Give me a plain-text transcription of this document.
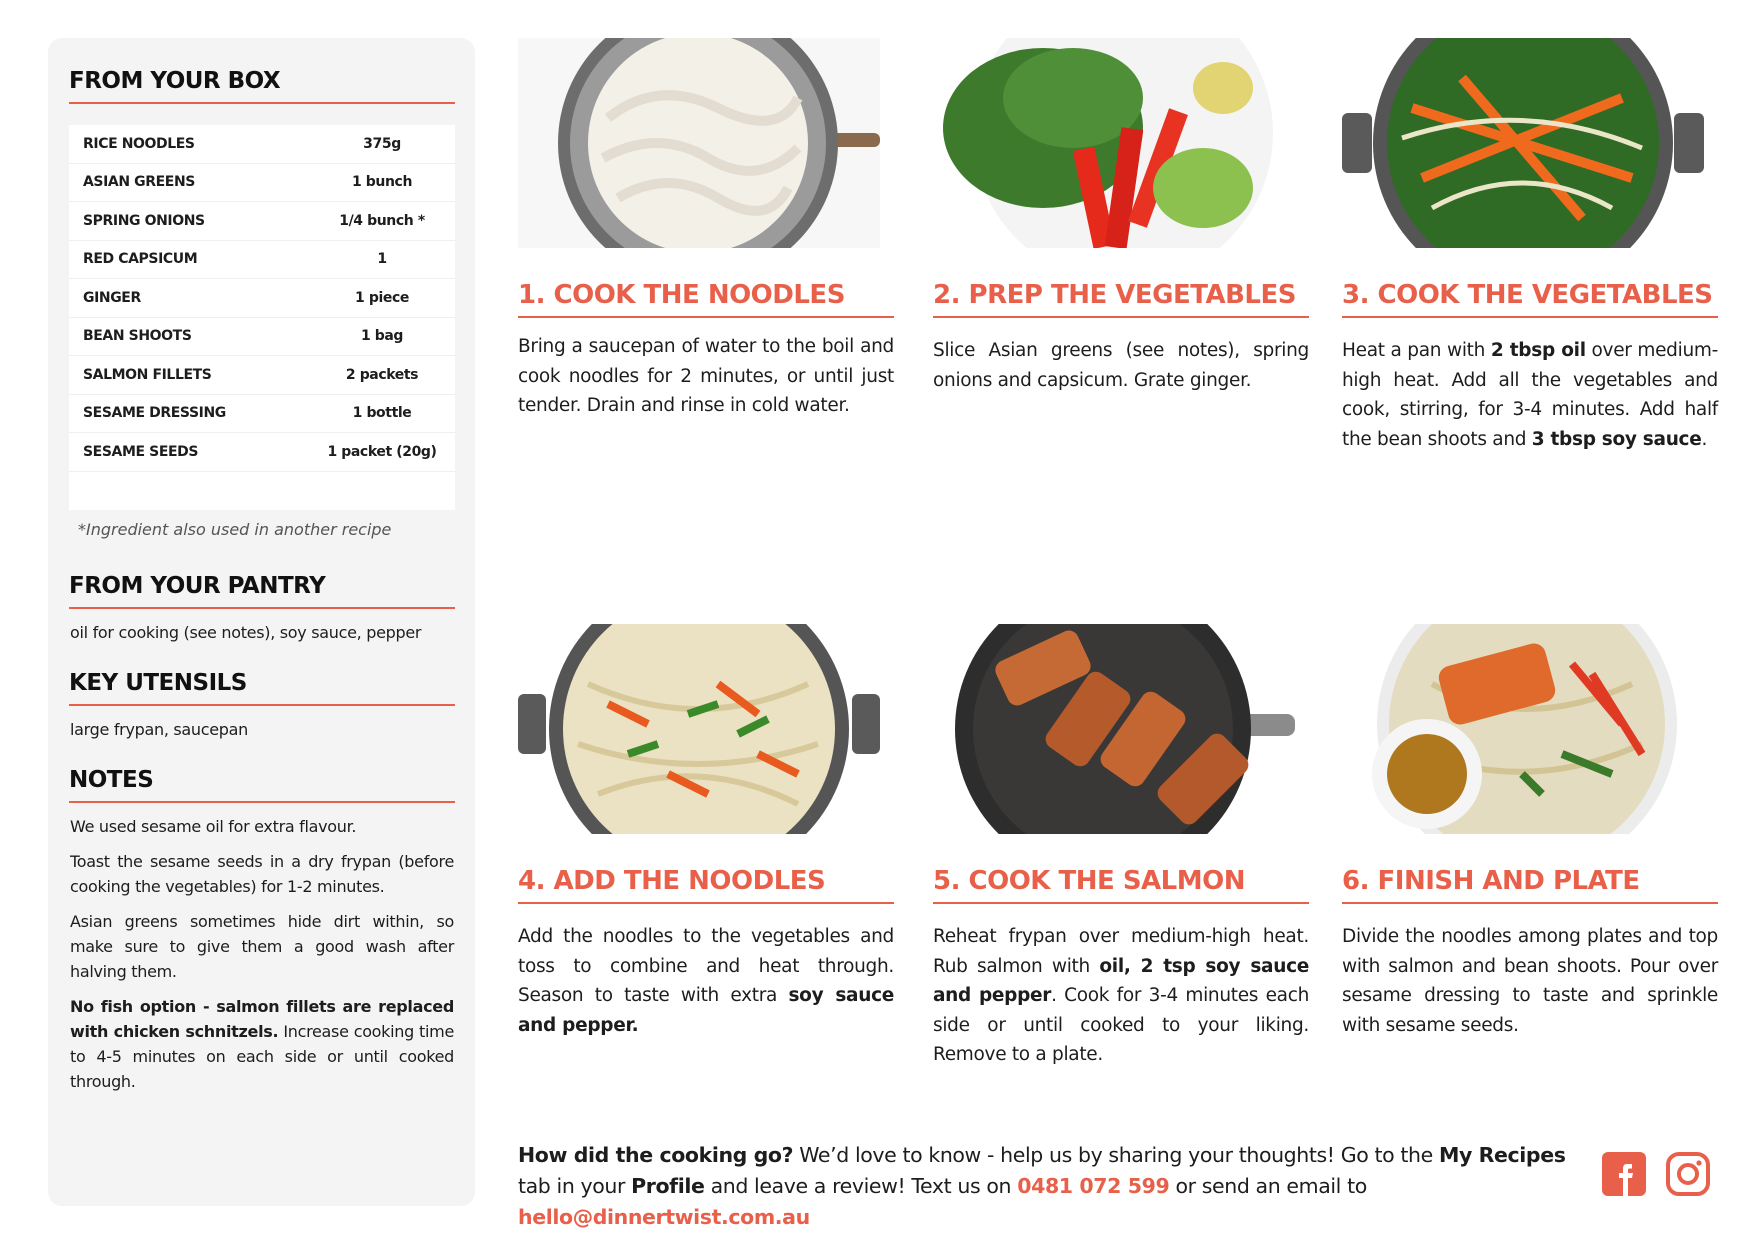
FROM YOUR BOX
RICE NOODLES	375g
ASIAN GREENS	1 bunch
SPRING ONIONS	1/4 bunch *
RED CAPSICUM	1
GINGER	1 piece
BEAN SHOOTS	1 bag
SALMON FILLETS	2 packets
SESAME DRESSING	1 bottle
SESAME SEEDS	1 packet (20g)
*Ingredient also used in another recipe
FROM YOUR PANTRY
oil for cooking (see notes), soy sauce, pepper
KEY UTENSILS
large frypan, saucepan
NOTES

We used sesame oil for extra flavour.

Toast the sesame seeds in a dry frypan (before cooking the vegetables) for 1-2 minutes.

Asian greens sometimes hide dirt within, so make sure to give them a good wash after halving them.

No fish option - salmon fillets are replaced with chicken schnitzels. Increase cooking time to 4-5 minutes on each side or until cooked through.

1. COOK THE NOODLES
Bring a saucepan of water to the boil and cook noodles for 2 minutes, or until just tender. Drain and rinse in cold water.
2. PREP THE VEGETABLES
Slice Asian greens (see notes), spring onions and capsicum. Grate ginger.
3. COOK THE VEGETABLES
Heat a pan with 2 tbsp oil over medium-high heat. Add all the vegetables and cook, stirring, for 3-4 minutes. Add half the bean shoots and 3 tbsp soy sauce.
4. ADD THE NOODLES
Add the noodles to the vegetables and toss to combine and heat through. Season to taste with extra soy sauce and pepper.
5. COOK THE SALMON
Reheat frypan over medium-high heat. Rub salmon with oil, 2 tsp soy sauce and pepper. Cook for 3-4 minutes each side or until cooked to your liking. Remove to a plate.
6. FINISH AND PLATE
Divide the noodles among plates and top with salmon and bean shoots. Pour over sesame dressing to taste and sprinkle with sesame seeds.
How did the cooking go? We’d love to know - help us by sharing your thoughts! Go to the My Recipes tab in your Profile and leave a review! Text us on 0481 072 599 or send an email to hello@dinnertwist.com.au
